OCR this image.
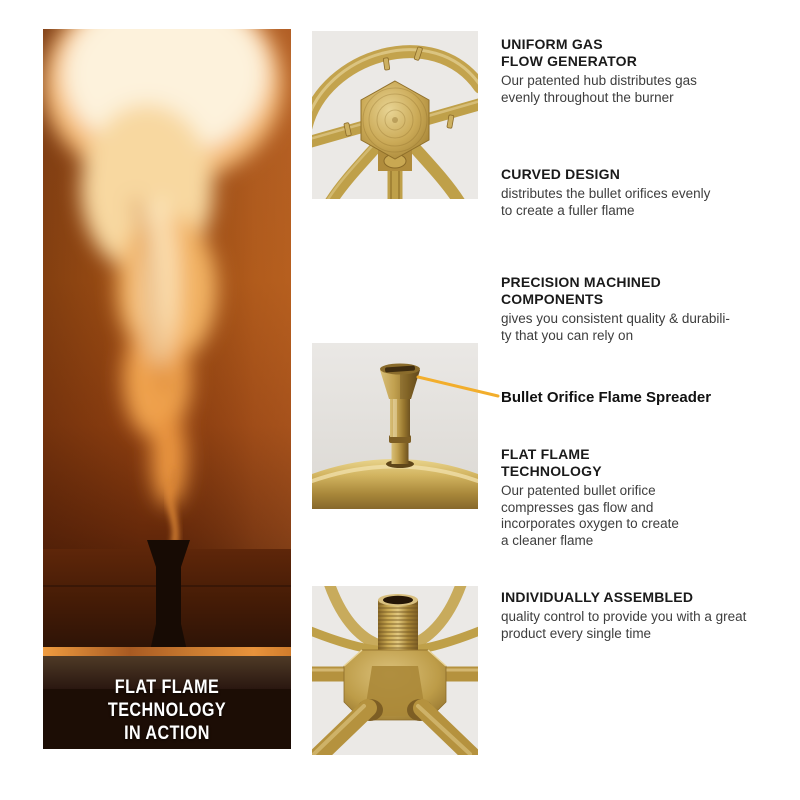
FLAT FLAME TECHNOLOGY
IN ACTION
UNIFORM GAS
FLOW GENERATOR
Our patented hub distributes gas
evenly throughout the burner
CURVED DESIGN
distributes the bullet orifices evenly
to create a fuller flame
PRECISION MACHINED
COMPONENTS
gives you consistent quality & durabili-
ty that you can rely on
Bullet Orifice Flame Spreader
FLAT FLAME
TECHNOLOGY
Our patented bullet orifice
compresses gas flow and
incorporates oxygen to create
a cleaner flame
INDIVIDUALLY ASSEMBLED
quality control to provide you with a great
product every single time
